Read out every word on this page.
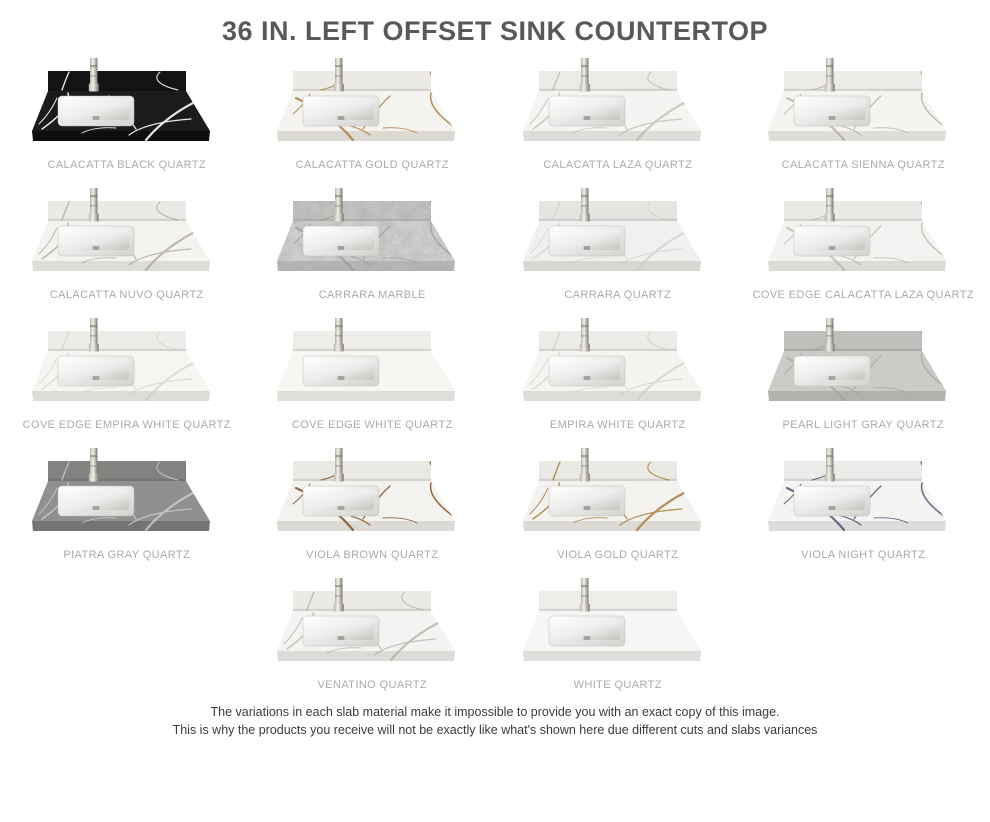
36 IN. LEFT OFFSET SINK COUNTERTOP
CALACATTA BLACK QUARTZ	CALACATTA GOLD QUARTZ	CALACATTA LAZA QUARTZ	CALACATTA SIENNA QUARTZ
CALACATTA NUVO QUARTZ	CARRARA MARBLE	CARRARA QUARTZ	COVE EDGE CALACATTA LAZA QUARTZ
COVE EDGE EMPIRA WHITE QUARTZ	COVE EDGE WHITE QUARTZ	EMPIRA WHITE QUARTZ	PEARL LIGHT GRAY QUARTZ
PIATRA GRAY QUARTZ	VIOLA BROWN QUARTZ	VIOLA GOLD QUARTZ	VIOLA NIGHT QUARTZ
VENATINO QUARTZ	WHITE QUARTZ
The variations in each slab material make it impossible to provide you with an exact copy of this image.
This is why the products you receive will not be exactly like what's shown here due different cuts and slabs variances
